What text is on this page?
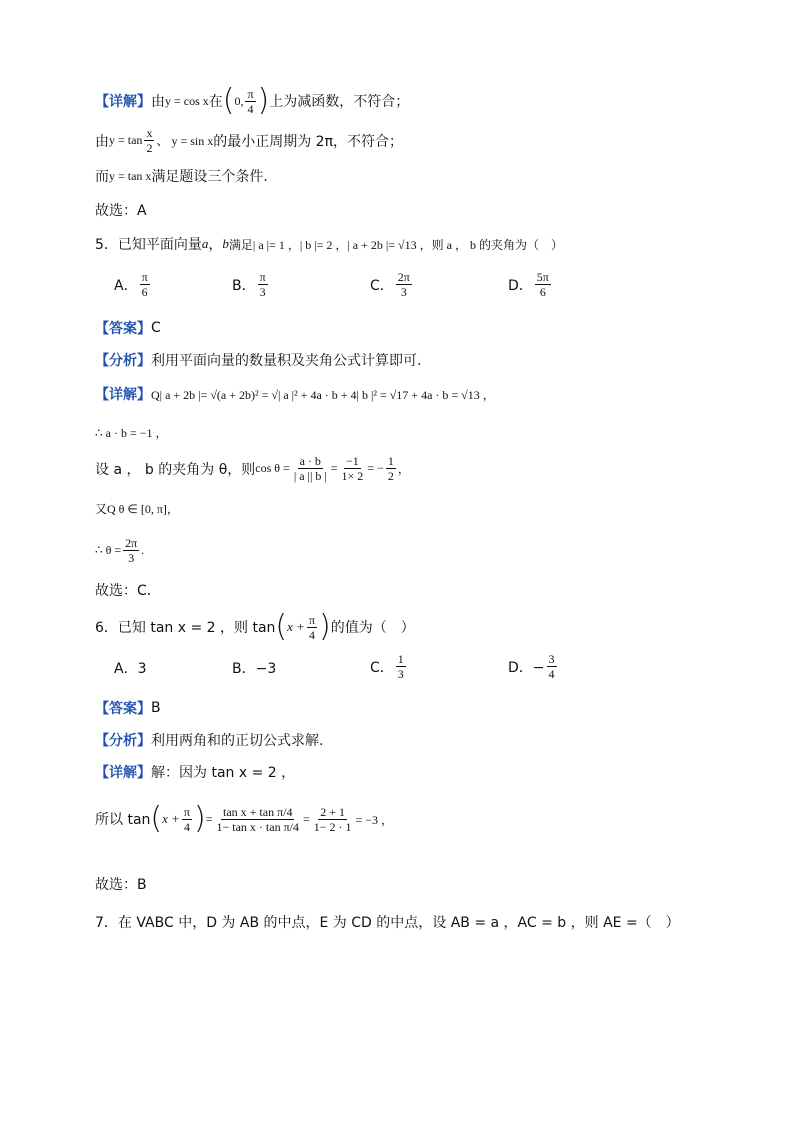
【详解】 由 y = cos x 在 ( 0, $\frac{\pi}{4}$ ) 上为减函数，不符合；
由 $y = \tan \frac{x}{2}$ 、 y = sin x 的最小正周期为 2π，不符合；
而 y = tan x 满足题设三个条件.
故选：A
5．已知平面向量 a ， b 满足| a |= 1 ，| b |= 2 ，| a + 2b |= √13 ，则 a ， b 的夹角为（　）
A． $\frac{\pi}{6}$	B． $\frac{\pi}{3}$	C． $\frac{2\pi}{3}$	D． $\frac{5\pi}{6}$
【答案】 C
【分析】 利用平面向量的数量积及夹角公式计算即可.
【详解】 Q| a + 2b |= √(a + 2b)² = √| a |² + 4a · b + 4| b |² = √17 + 4a · b = √13 ，
∴ a · b = −1 ，
设 a ， b 的夹角为 θ，则 $\cos \theta = \frac{a \cdot b}{| a || b |} = \frac{-1}{1\times 2}$ = − $\frac{1}{2}$ ，
又Q θ ∈ [0, π]，
∴ $\theta = \frac{2\pi}{3}$ .
故选：C．
6．已知 tan x = 2 ，则 tan ( $x + \frac{\pi}{4}$ ) 的值为（　）
A．3	B．−3	C． $\frac{1}{3}$	D．− $\frac{3}{4}$
【答案】 B
【分析】 利用两角和的正切公式求解.
【详解】 解：因为 tan x = 2 ，
所以 tan ( $x + \frac{\pi}{4}$ ) = $\frac{\text{tan x + tan π/4}}{\text{1− tan x · tan π/4}} = \frac{2 + 1}{1- 2 \cdot 1} = -3$ ，
故选：B
7．在 VABC 中，D 为 AB 的中点，E 为 CD 的中点，设 AB = a ，AC = b ，则 AE =（　）
